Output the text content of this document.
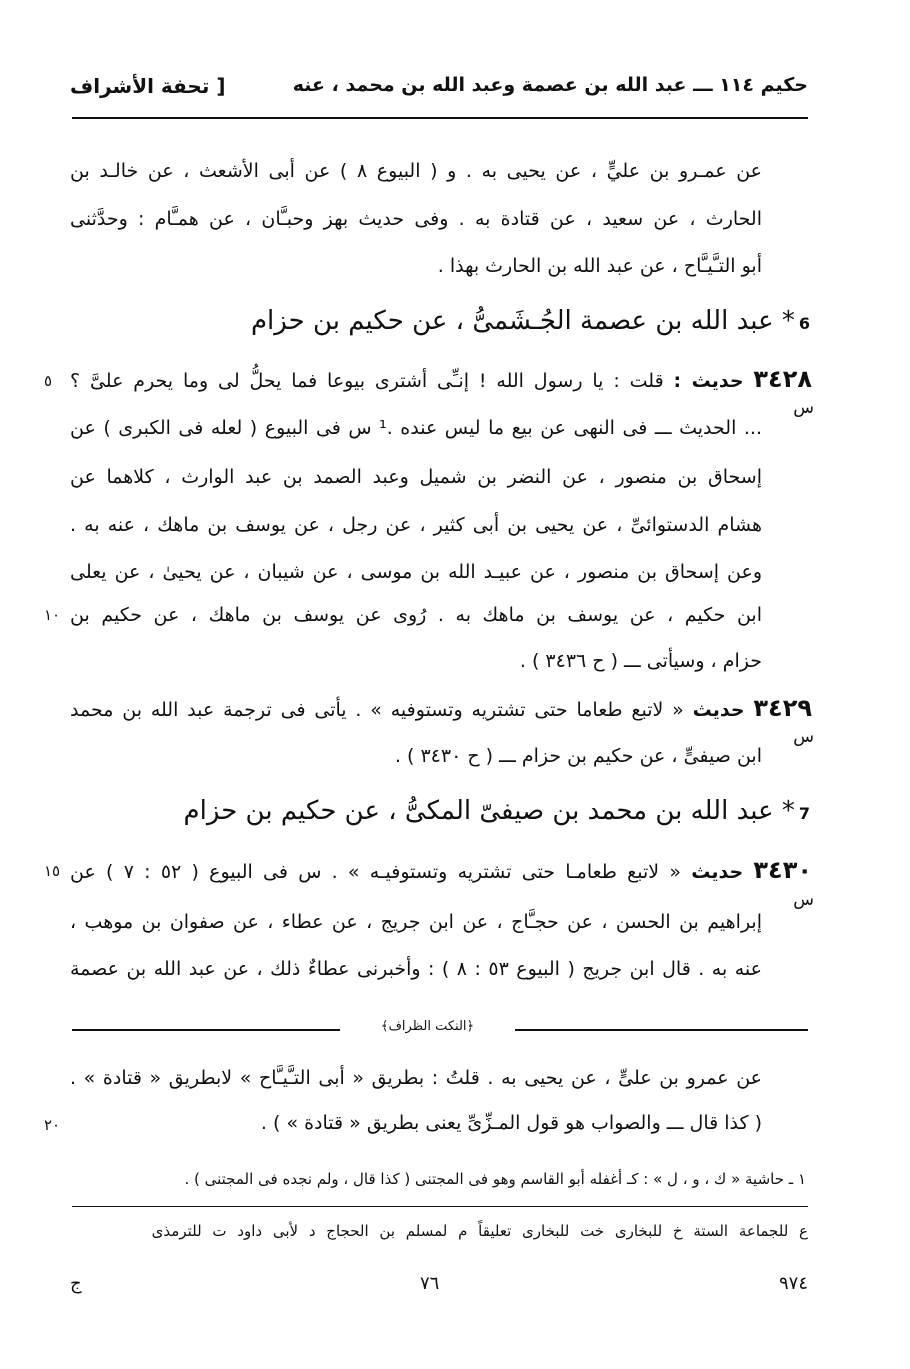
حكيم ١١٤ ـــ عبد الله بن عصمة وعبد الله بن محمد ، عنه
[ تحفة الأشراف
عن عمـرو بن عليٍّ ، عن يحيى به . و ( البيوع ٨ ) عن أبى الأشعث ، عن خالـد بن
الحارث ، عن سعيد ، عن قتادة به . وفى حديث بهز وحبـَّان ، عن همـَّام : وحدَّثنى
أبو التـَّيـَّاح ، عن عبد الله بن الحارث بهذا .
6* عبد الله بن عصمة الجُـشَمىُّ ، عن حكيم بن حزام
٥	٣٤٢٨ حديث : قلت : يا رسول الله ! إنـِّى أشترى بيوعا فما يحلُّ لى وما يحرم علىَّ ؟
س
... الحديث ـــ فى النهى عن بيع ما ليس عنده .¹ س فى البيوع ( لعله فى الكبرى ) عن
إسحاق بن منصور ، عن النضر بن شميل وعبد الصمد بن عبد الوارث ، كلاهما عن
هشام الدستوائىِّ ، عن يحيى بن أبى كثير ، عن رجل ، عن يوسف بن ماهك ، عنه به .
وعن إسحاق بن منصور ، عن عبيـد الله بن موسى ، عن شيبان ، عن يحيىٰ ، عن يعلى
١٠ ابن حكيم ، عن يوسف بن ماهك به . رُوى عن يوسف بن ماهك ، عن حكيم بن
حزام ، وسيأتى ـــ ( ح ٣٤٣٦ ) .
٣٤٢٩ حديث « لاتبع طعاما حتى تشتريه وتستوفيه » . يأتى فى ترجمة عبد الله بن محمد
س
ابن صيفىٍّ ، عن حكيم بن حزام ـــ ( ح ٣٤٣٠ ) .
7* عبد الله بن محمد بن صيفىّ المكىُّ ، عن حكيم بن حزام
١٥	٣٤٣٠ حديث « لاتبع طعامـا حتى تشتريه وتستوفيـه » . س فى البيوع ( ٥٢ : ٧ ) عن
س
إبراهيم بن الحسن ، عن حجـَّاج ، عن ابن جريج ، عن عطاء ، عن صفوان بن موهب ،
عنه به . قال ابن جريج ( البيوع ٥٣ : ٨ ) : وأخبرنى عطاءٌ ذلك ، عن عبد الله بن عصمة
﴿النكت الظراف﴾
عن عمرو بن علىٍّ ، عن يحيى به . قلتُ : بطريق « أبى التـَّيـَّاح » لابطريق « قتادة » .
٢٠	( كذا قال ـــ والصواب هو قول المـزِّىِّ يعنى بطريق « قتادة » ) .
١ ـ حاشية « ك ، و ، ل » : كـ أغفله أبو القاسم وهو فى المجتنى ( كذا قال ، ولم نجده فى المجتنى ) .
ع للجماعة الستة خ للبخارى خت للبخارى تعليقاً م لمسلم بن الحجاج د لأبى داود ت للترمذى
٩٧٤
٧٦
ج
